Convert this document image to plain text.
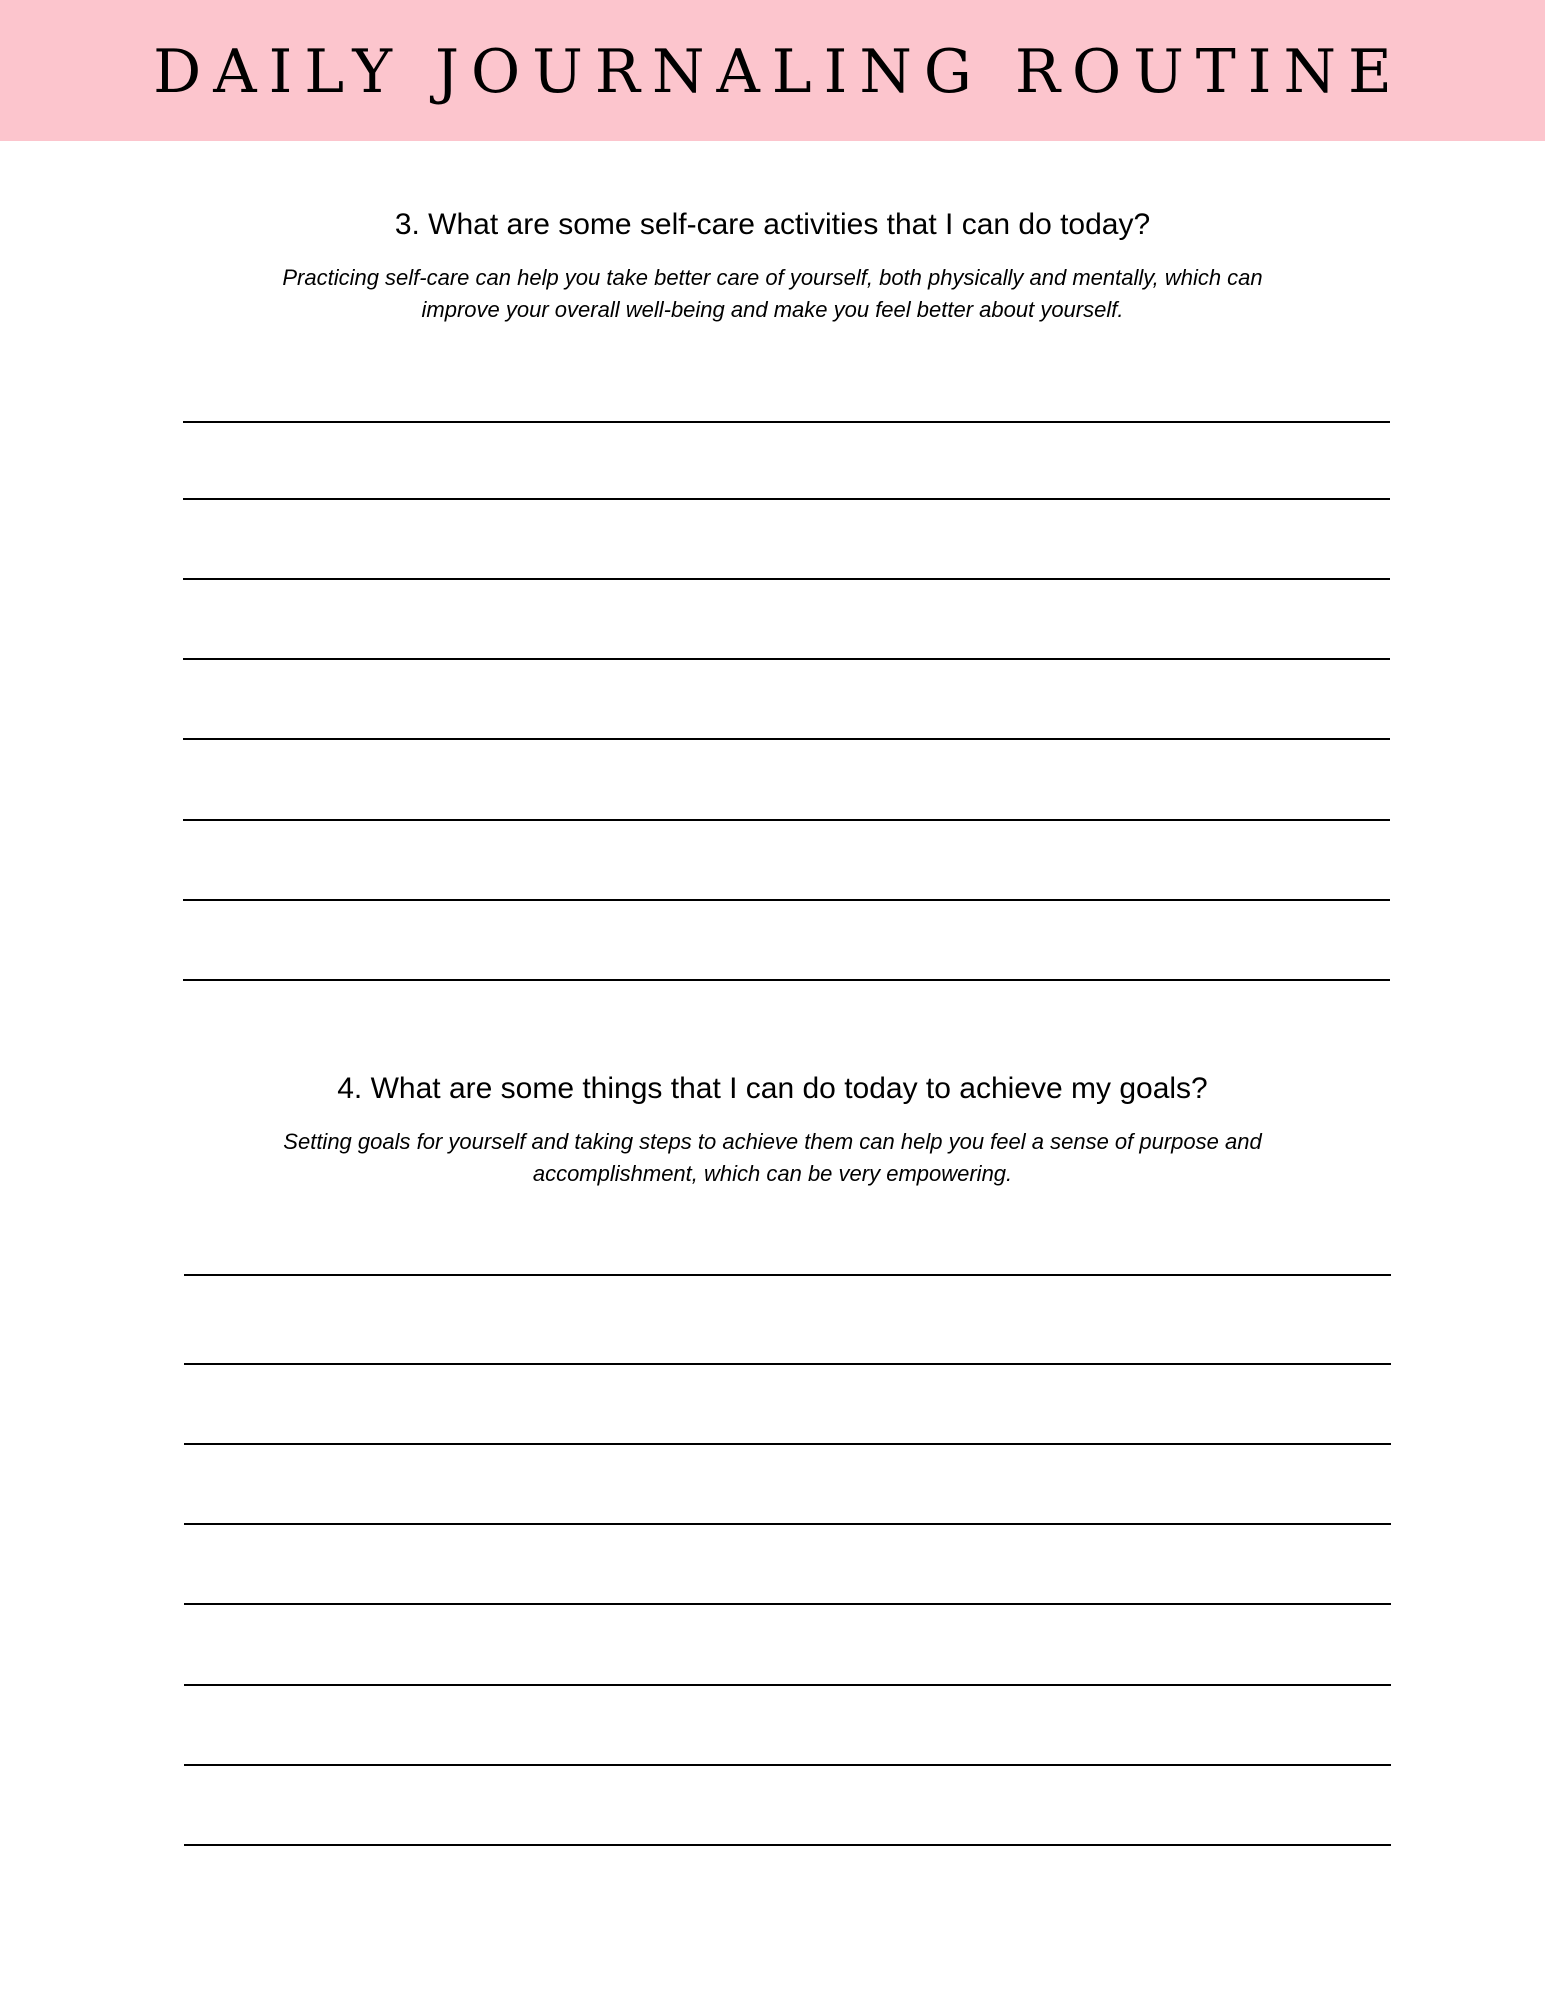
DAILY JOURNALING ROUTINE
3. What are some self-care activities that I can do today?

Practicing self-care can help you take better care of yourself, both physically and mentally, which can improve your overall well-being and make you feel better about yourself.

4. What are some things that I can do today to achieve my goals?

Setting goals for yourself and taking steps to achieve them can help you feel a sense of purpose and accomplishment, which can be very empowering.
